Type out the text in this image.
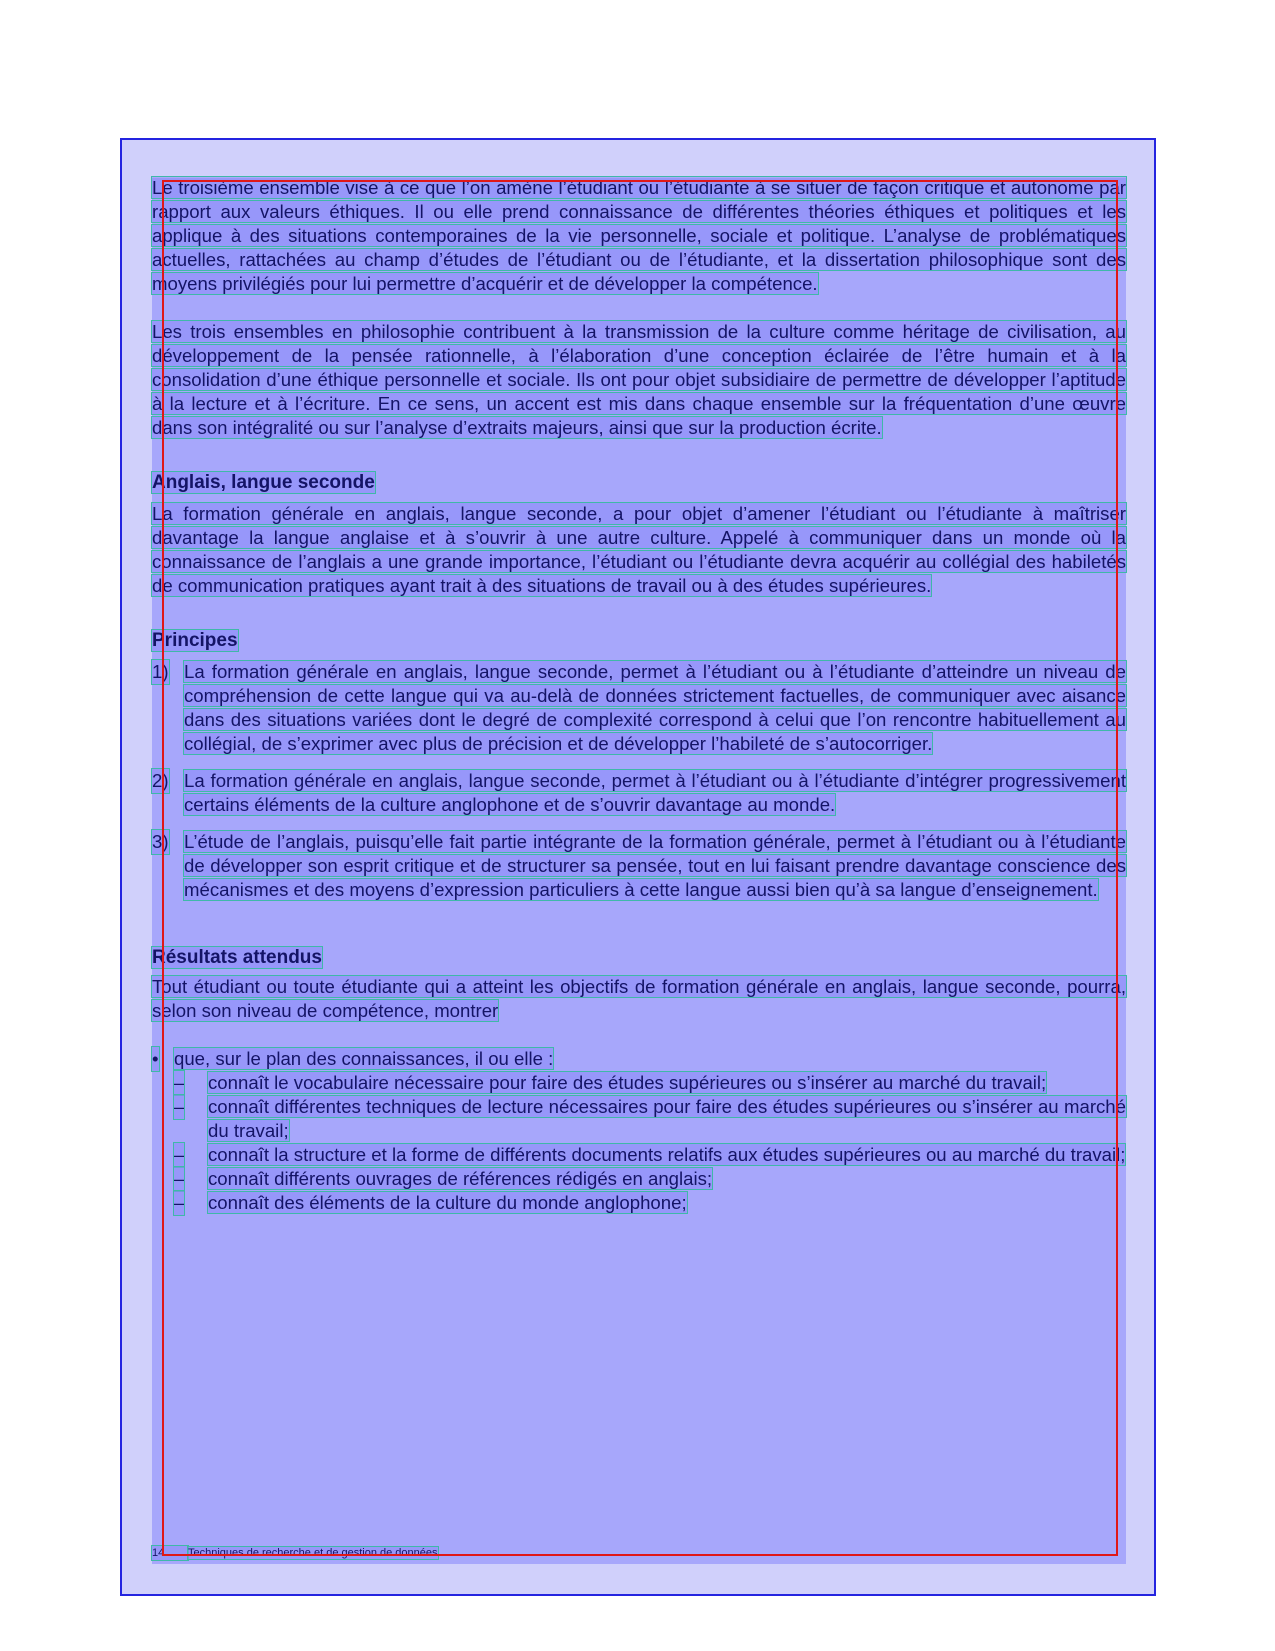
Le troisième ensemble vise à ce que l’on amène l’étudiant ou l’étudiante à se situer de façon critique et autonome par rapport aux valeurs éthiques. Il ou elle prend connaissance de différentes théories éthiques et politiques et les applique à des situations contemporaines de la vie personnelle, sociale et politique. L’analyse de problématiques actuelles, rattachées au champ d’études de l’étudiant ou de l’étudiante, et la dissertation philosophique sont des moyens privilégiés pour lui permettre d’acquérir et de développer la compétence.

Les trois ensembles en philosophie contribuent à la transmission de la culture comme héritage de civilisation, au développement de la pensée rationnelle, à l’élaboration d’une conception éclairée de l’être humain et à la consolidation d’une éthique personnelle et sociale. Ils ont pour objet subsidiaire de permettre de développer l’aptitude à la lecture et à l’écriture. En ce sens, un accent est mis dans chaque ensemble sur la fréquentation d’une œuvre dans son intégralité ou sur l’analyse d’extraits majeurs, ainsi que sur la production écrite.

Anglais, langue seconde

La formation générale en anglais, langue seconde, a pour objet d’amener l’étudiant ou l’étudiante à maîtriser davantage la langue anglaise et à s’ouvrir à une autre culture. Appelé à communiquer dans un monde où la connaissance de l’anglais a une grande importance, l’étudiant ou l’étudiante devra acquérir au collégial des habiletés de communication pratiques ayant trait à des situations de travail ou à des études supérieures.

Principes
1) La formation générale en anglais, langue seconde, permet à l’étudiant ou à l’étudiante d’atteindre un niveau de compréhension de cette langue qui va au-delà de données strictement factuelles, de communiquer avec aisance dans des situations variées dont le degré de complexité correspond à celui que l’on rencontre habituellement au collégial, de s’exprimer avec plus de précision et de développer l’habileté de s’autocorriger.
2) La formation générale en anglais, langue seconde, permet à l’étudiant ou à l’étudiante d’intégrer progressivement certains éléments de la culture anglophone et de s’ouvrir davantage au monde.
3) L’étude de l’anglais, puisqu’elle fait partie intégrante de la formation générale, permet à l’étudiant ou à l’étudiante de développer son esprit critique et de structurer sa pensée, tout en lui faisant prendre davantage conscience des mécanismes et des moyens d’expression particuliers à cette langue aussi bien qu’à sa langue d’enseignement.
Résultats attendus

Tout étudiant ou toute étudiante qui a atteint les objectifs de formation générale en anglais, langue seconde, pourra, selon son niveau de compétence, montrer

• que, sur le plan des connaissances, il ou elle :
– connaît le vocabulaire nécessaire pour faire des études supérieures ou s’insérer au marché du travail;
– connaît différentes techniques de lecture nécessaires pour faire des études supérieures ou s’insérer au marché du travail;
– connaît la structure et la forme de différents documents relatifs aux études supérieures ou au marché du travail;
– connaît différents ouvrages de références rédigés en anglais;
– connaît des éléments de la culture du monde anglophone;
14 Techniques de recherche et de gestion de données
